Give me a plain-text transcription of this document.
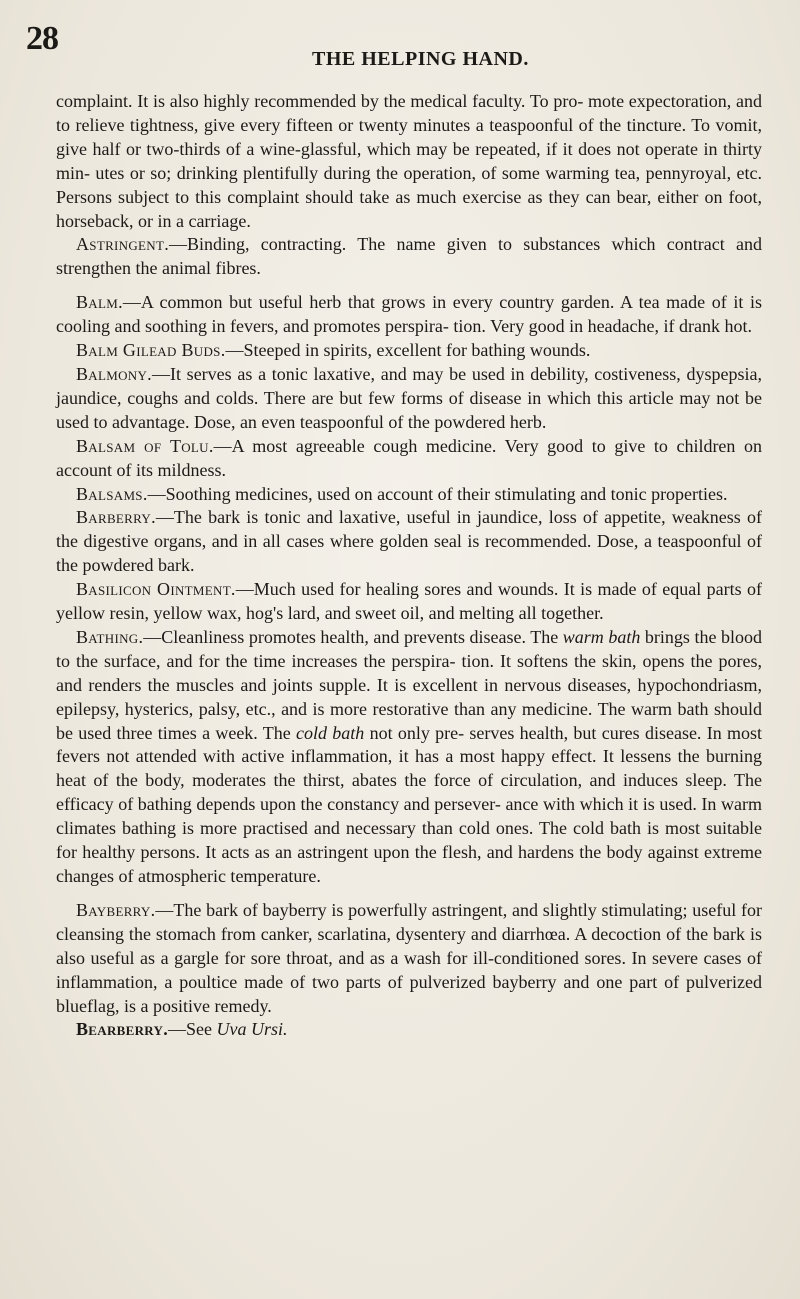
28
THE HELPING HAND.

complaint. It is also highly recommended by the medical faculty. To pro- mote expectoration, and to relieve tightness, give every fifteen or twenty minutes a teaspoonful of the tincture. To vomit, give half or two-thirds of a wine-glassful, which may be repeated, if it does not operate in thirty min- utes or so; drinking plentifully during the operation, of some warming tea, pennyroyal, etc. Persons subject to this complaint should take as much exercise as they can bear, either on foot, horseback, or in a carriage.

Astringent.—Binding, contracting. The name given to substances which contract and strengthen the animal fibres.

Balm.—A common but useful herb that grows in every country garden. A tea made of it is cooling and soothing in fevers, and promotes perspira- tion. Very good in headache, if drank hot.

Balm Gilead Buds.—Steeped in spirits, excellent for bathing wounds.

Balmony.—It serves as a tonic laxative, and may be used in debility, costiveness, dyspepsia, jaundice, coughs and colds. There are but few forms of disease in which this article may not be used to advantage. Dose, an even teaspoonful of the powdered herb.

Balsam of Tolu.—A most agreeable cough medicine. Very good to give to children on account of its mildness.

Balsams.—Soothing medicines, used on account of their stimulating and tonic properties.

Barberry.—The bark is tonic and laxative, useful in jaundice, loss of appetite, weakness of the digestive organs, and in all cases where golden seal is recommended. Dose, a teaspoonful of the powdered bark.

Basilicon Ointment.—Much used for healing sores and wounds. It is made of equal parts of yellow resin, yellow wax, hog's lard, and sweet oil, and melting all together.

Bathing.—Cleanliness promotes health, and prevents disease. The warm bath brings the blood to the surface, and for the time increases the perspira- tion. It softens the skin, opens the pores, and renders the muscles and joints supple. It is excellent in nervous diseases, hypochondriasm, epilepsy, hysterics, palsy, etc., and is more restorative than any medicine. The warm bath should be used three times a week. The cold bath not only pre- serves health, but cures disease. In most fevers not attended with active inflammation, it has a most happy effect. It lessens the burning heat of the body, moderates the thirst, abates the force of circulation, and induces sleep. The efficacy of bathing depends upon the constancy and persever- ance with which it is used. In warm climates bathing is more practised and necessary than cold ones. The cold bath is most suitable for healthy persons. It acts as an astringent upon the flesh, and hardens the body against extreme changes of atmospheric temperature.

Bayberry.—The bark of bayberry is powerfully astringent, and slightly stimulating; useful for cleansing the stomach from canker, scarlatina, dysentery and diarrhœa. A decoction of the bark is also useful as a gargle for sore throat, and as a wash for ill-conditioned sores. In severe cases of inflammation, a poultice made of two parts of pulverized bayberry and one part of pulverized blueflag, is a positive remedy.

Bearberry.—See Uva Ursi.
